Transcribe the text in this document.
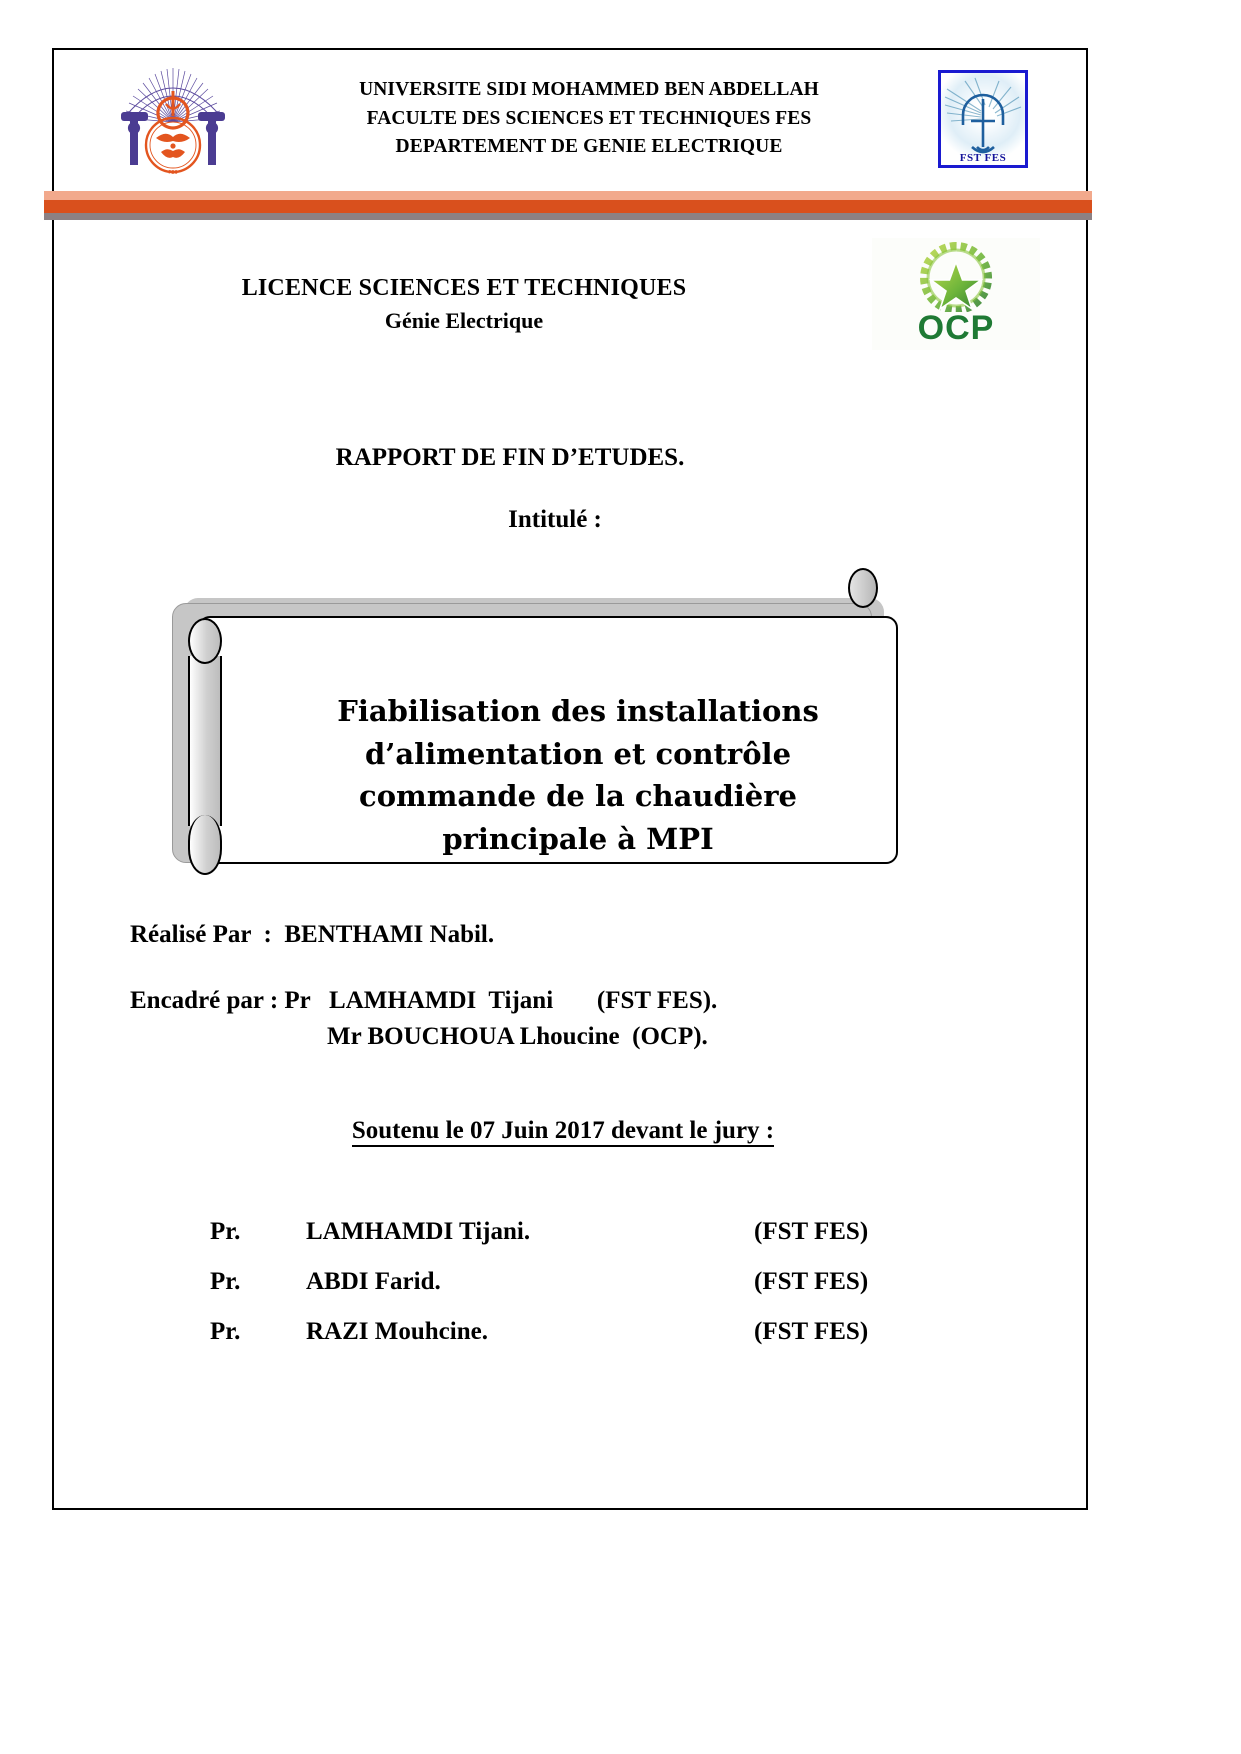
FES
UNIVERSITE SIDI MOHAMMED BEN ABDELLAH
FACULTE DES SCIENCES ET TECHNIQUES FES
DEPARTEMENT DE GENIE ELECTRIQUE
FST FES
LICENCE SCIENCES ET TECHNIQUES
Génie Electrique	OCP
RAPPORT DE FIN D’ETUDES.
Intitulé :
Fiabilisation des installations
d’alimentation et contrôle
commande de la chaudière
principale à MPI
Réalisé Par  :  BENTHAMI Nabil.
Encadré par : Pr   LAMHAMDI  Tijani       (FST FES).
Mr BOUCHOUA Lhoucine  (OCP).
Soutenu le 07 Juin 2017 devant le jury :
Pr.	LAMHAMDI Tijani.	(FST FES)
Pr.	ABDI Farid.	(FST FES)
Pr.	RAZI Mouhcine.	(FST FES)
